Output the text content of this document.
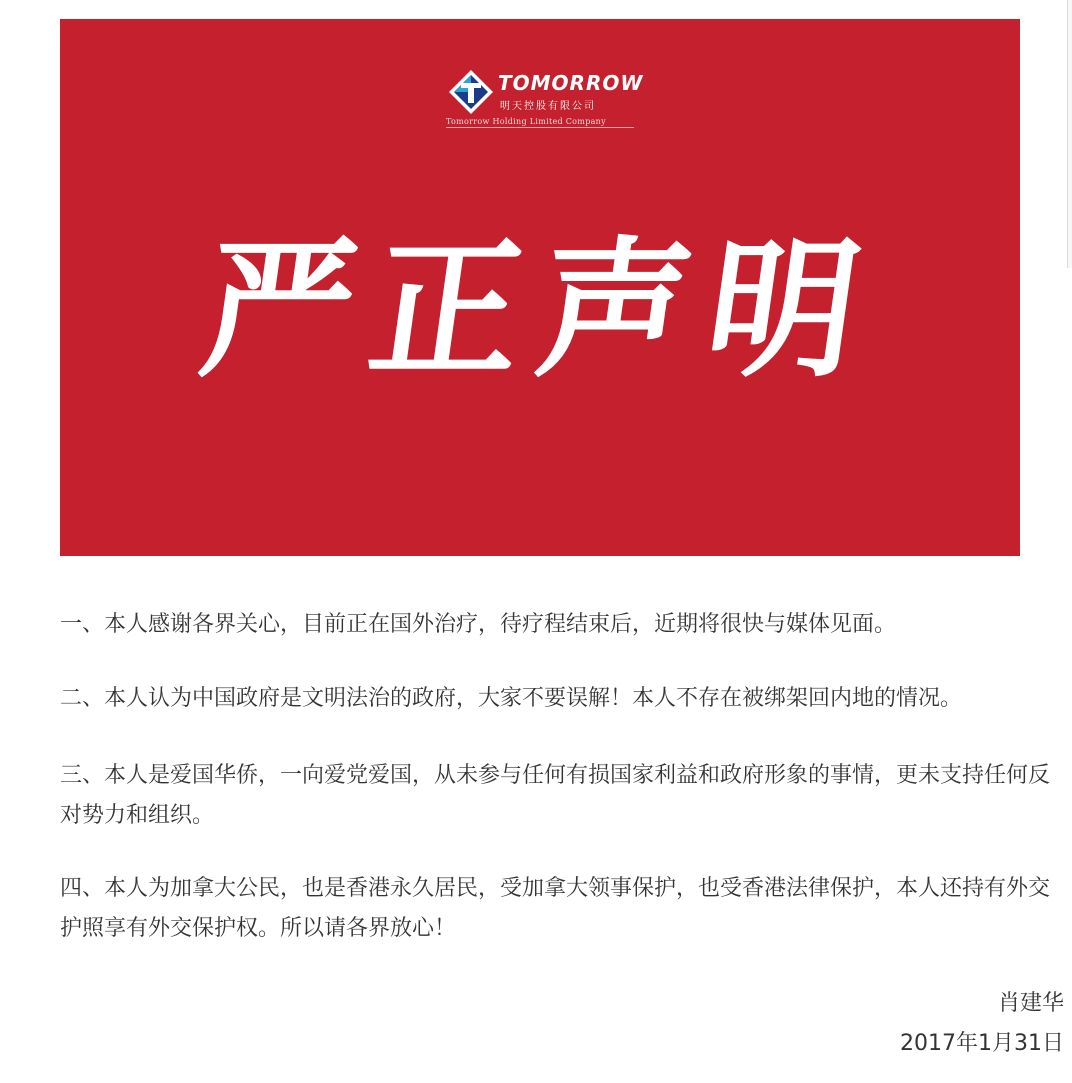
TOMORROW
明天控股有限公司
Tomorrow Holding Limited Company
严正声明

一、本人感谢各界关心，目前正在国外治疗，待疗程结束后，近期将很快与媒体见面。

二、本人认为中国政府是文明法治的政府，大家不要误解！本人不存在被绑架回内地的情况。

三、本人是爱国华侨，一向爱党爱国，从未参与任何有损国家利益和政府形象的事情，更未支持任何反对势力和组织。

四、本人为加拿大公民，也是香港永久居民，受加拿大领事保护，也受香港法律保护，本人还持有外交护照享有外交保护权。所以请各界放心！

肖建华
2017年1月31日
